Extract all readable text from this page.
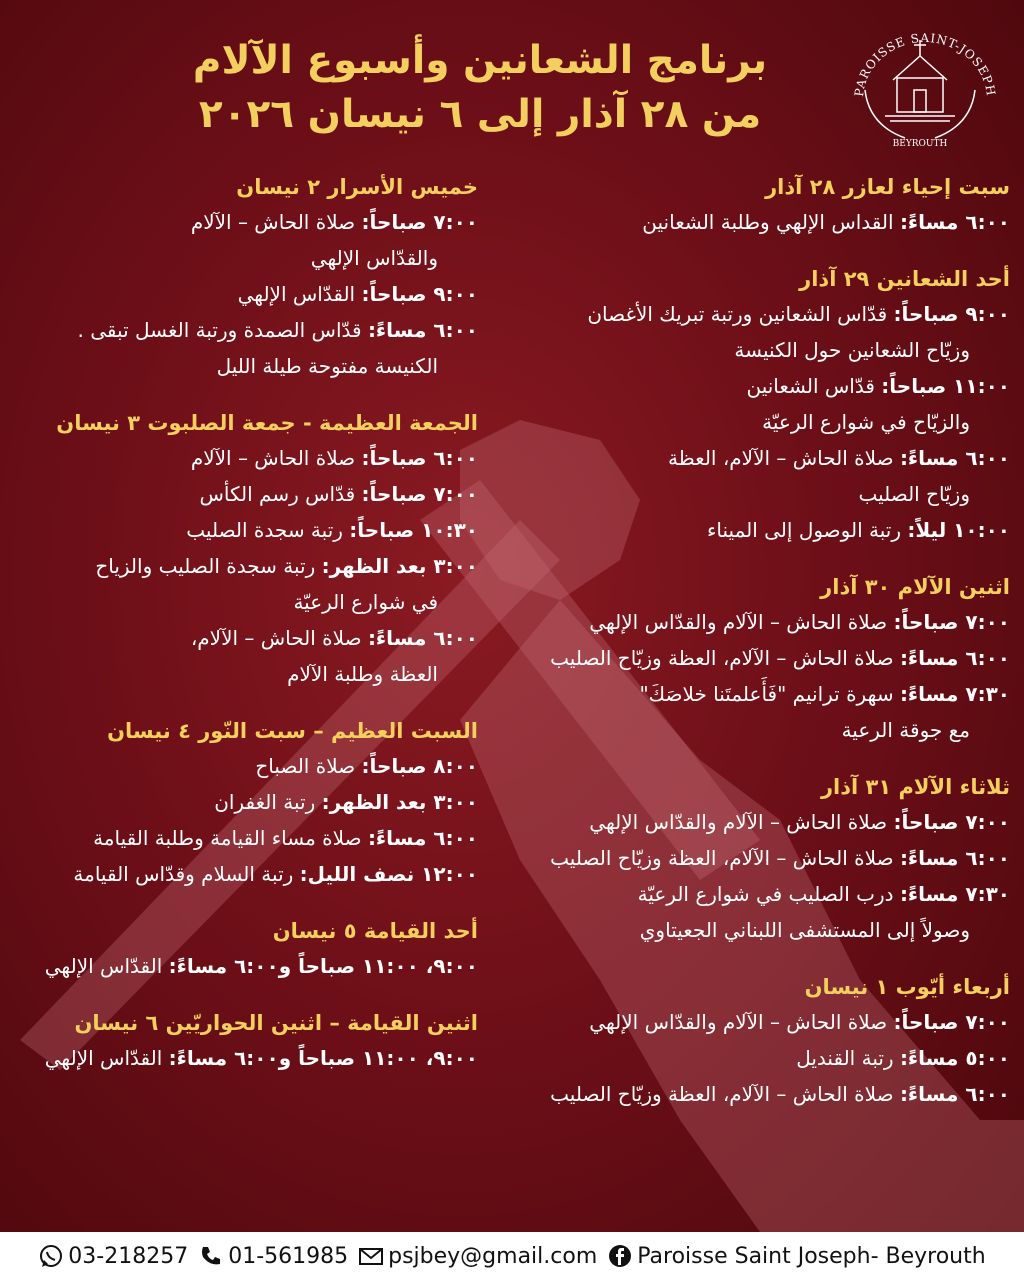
PAROISSE SAINT-JOSEPH
BEYROUTH
برنامج الشعانين وأسبوع الآلام
من ٢٨ آذار إلى ٦ نيسان ٢٠٢٦
سبت إحياء لعازر ٢٨ آذار
٦:٠٠ مساءً: القداس الإلهي وطلبة الشعانين
أحد الشعانين ٢٩ آذار
٩:٠٠ صباحاً: قدّاس الشعانين ورتبة تبريك الأغصان
وزيّاح الشعانين حول الكنيسة
١١:٠٠ صباحاً: قدّاس الشعانين
والزيّاح في شوارع الرعيّة
٦:٠٠ مساءً: صلاة الحاش – الآلام، العظة
وزيّاح الصليب
١٠:٠٠ ليلاً: رتبة الوصول إلى الميناء
اثنين الآلام ٣٠ آذار
٧:٠٠ صباحاً: صلاة الحاش – الآلام والقدّاس الإلهي
٦:٠٠ مساءً: صلاة الحاش – الآلام، العظة وزيّاح الصليب
٧:٣٠ مساءً: سهرة ترانيم "فَأَعلمتَنا خلاصَكَ"
مع جوقة الرعية
ثلاثاء الآلام ٣١ آذار
٧:٠٠ صباحاً: صلاة الحاش – الآلام والقدّاس الإلهي
٦:٠٠ مساءً: صلاة الحاش – الآلام، العظة وزيّاح الصليب
٧:٣٠ مساءً: درب الصليب في شوارع الرعيّة
وصولاً إلى المستشفى اللبناني الجعيتاوي
أربعاء أيّوب ١ نيسان
٧:٠٠ صباحاً: صلاة الحاش – الآلام والقدّاس الإلهي
٥:٠٠ مساءً: رتبة القنديل
٦:٠٠ مساءً: صلاة الحاش – الآلام، العظة وزيّاح الصليب
خميس الأسرار ٢ نيسان
٧:٠٠ صباحاً: صلاة الحاش – الآلام
والقدّاس الإلهي
٩:٠٠ صباحاً: القدّاس الإلهي
٦:٠٠ مساءً: قدّاس الصمدة ورتبة الغسل تبقى .
الكنيسة مفتوحة طيلة الليل
الجمعة العظيمة - جمعة الصلبوت ٣ نيسان
٦:٠٠ صباحاً: صلاة الحاش – الآلام
٧:٠٠ صباحاً: قدّاس رسم الكأس
١٠:٣٠ صباحاً: رتبة سجدة الصليب
٣:٠٠ بعد الظهر: رتبة سجدة الصليب والزياح
في شوارع الرعيّة
٦:٠٠ مساءً: صلاة الحاش – الآلام،
العظة وطلبة الآلام
السبت العظيم – سبت النّور ٤ نيسان
٨:٠٠ صباحاً: صلاة الصباح
٣:٠٠ بعد الظهر: رتبة الغفران
٦:٠٠ مساءً: صلاة مساء القيامة وطلبة القيامة
١٢:٠٠ نصف الليل: رتبة السلام وقدّاس القيامة
أحد القيامة ٥ نيسان
٩:٠٠، ١١:٠٠ صباحاً و٦:٠٠ مساءً: القدّاس الإلهي
اثنين القيامة – اثنين الحواريّين ٦ نيسان
٩:٠٠، ١١:٠٠ صباحاً و٦:٠٠ مساءً: القدّاس الإلهي
03-218257 01-561985 psjbey@gmail.com Paroisse Saint Joseph- Beyrouth
